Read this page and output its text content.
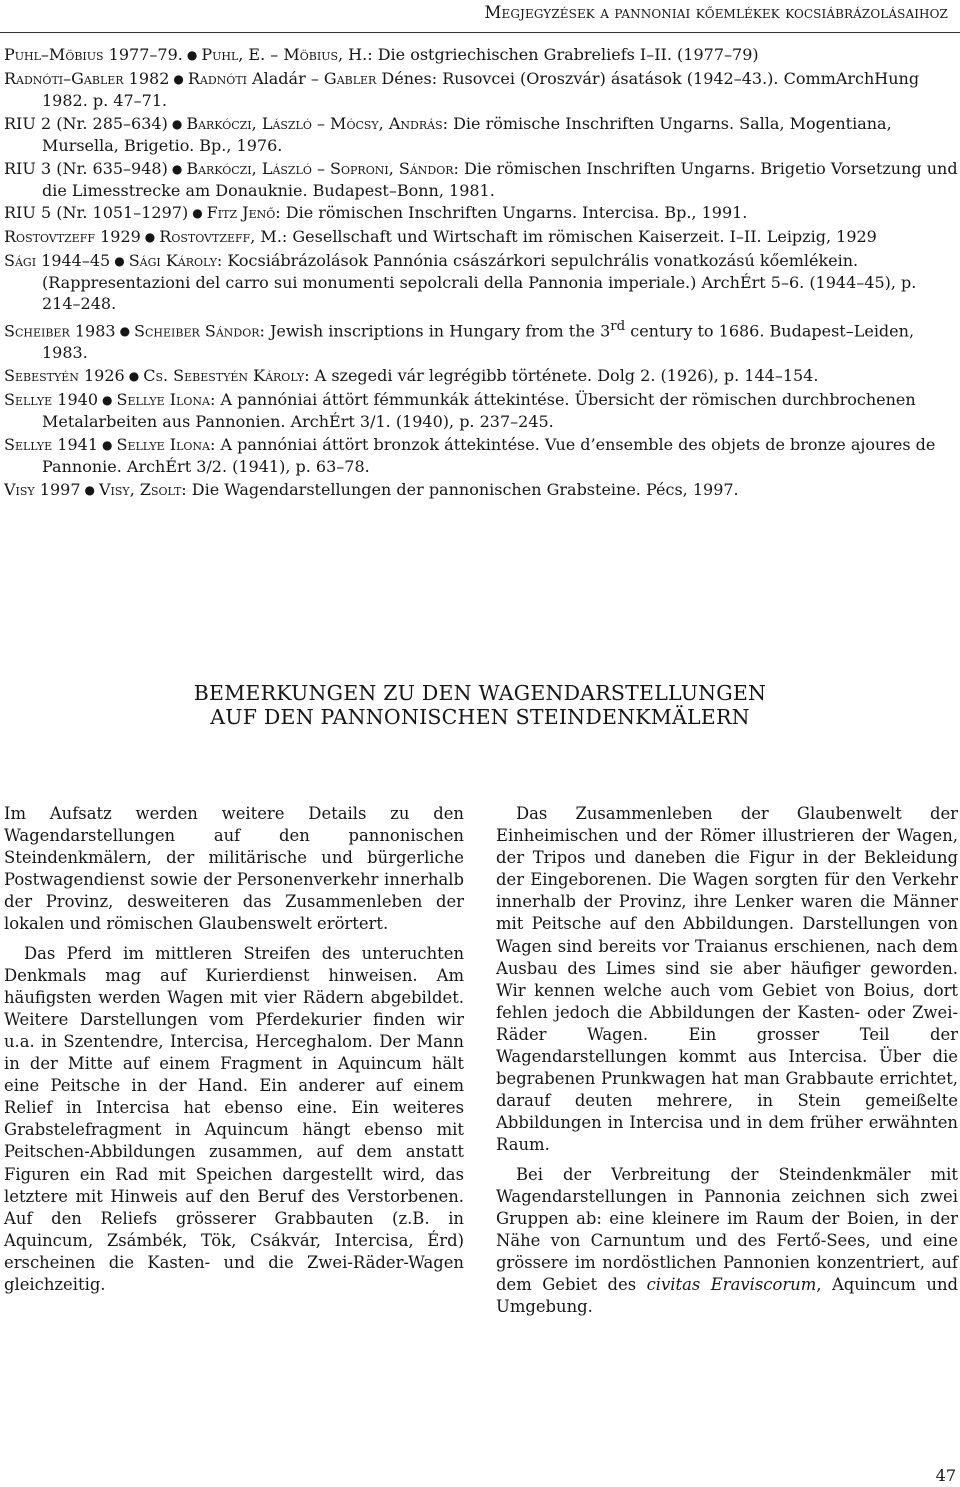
Megjegyzések a pannoniai kőemlékek kocsiábrázolásaihoz

Puhl–Möbius 1977–79. ● Puhl, E. – Möbius, H.: Die ostgriechischen Grabreliefs I–II. (1977–79)

Radnóti–Gabler 1982 ● Radnóti Aladár – Gabler Dénes: Rusovcei (Oroszvár) ásatások (1942–43.). CommArchHung 1982. p. 47–71.

RIU 2 (Nr. 285–634) ● Barkóczi, László – Mócsy, András: Die römische Inschriften Ungarns. Salla, Mogentiana, Mursella, Brigetio. Bp., 1976.

RIU 3 (Nr. 635–948) ● Barkóczi, László – Soproni, Sándor: Die römischen Inschriften Ungarns. Brigetio Vorsetzung und die Limesstrecke am Donauknie. Budapest–Bonn, 1981.

RIU 5 (Nr. 1051–1297) ● Fitz Jenő: Die römischen Inschriften Ungarns. Intercisa. Bp., 1991.

Rostovtzeff 1929 ● Rostovtzeff, M.: Gesellschaft und Wirtschaft im römischen Kaiserzeit. I–II. Leipzig, 1929

Sági 1944–45 ● Sági Károly: Kocsiábrázolások Pannónia császárkori sepulchrális vonatkozású kőemlékein. (Rappresentazioni del carro sui monumenti sepolcrali della Pannonia imperiale.) ArchÉrt 5–6. (1944–45), p. 214–248.

Scheiber 1983 ● Scheiber Sándor: Jewish inscriptions in Hungary from the 3rd century to 1686. Budapest–Leiden, 1983.

Sebestyén 1926 ● Cs. Sebestyén Károly: A szegedi vár legrégibb története. Dolg 2. (1926), p. 144–154.

Sellye 1940 ● Sellye Ilona: A pannóniai áttört fémmunkák áttekintése. Übersicht der römischen durchbrochenen Metalarbeiten aus Pannonien. ArchÉrt 3/1. (1940), p. 237–245.

Sellye 1941 ● Sellye Ilona: A pannóniai áttört bronzok áttekintése. Vue d’ensemble des objets de bronze ajoures de Pannonie. ArchÉrt 3/2. (1941), p. 63–78.

Visy 1997 ● Visy, Zsolt: Die Wagendarstellungen der pannonischen Grabsteine. Pécs, 1997.

BEMERKUNGEN ZU DEN WAGENDARSTELLUNGEN
AUF DEN PANNONISCHEN STEINDENKMÄLERN

Im Aufsatz werden weitere Details zu den Wagendarstellungen auf den pannonischen Steindenkmälern, der militärische und bürgerliche Postwagendienst sowie der Personenverkehr innerhalb der Provinz, desweiteren das Zusammenleben der lokalen und römischen Glaubenswelt erörtert.

Das Pferd im mittleren Streifen des unteruchten Denkmals mag auf Kurierdienst hinweisen. Am häufigsten werden Wagen mit vier Rädern abgebildet. Weitere Darstellungen vom Pferdekurier finden wir u.a. in Szentendre, Intercisa, Herceghalom. Der Mann in der Mitte auf einem Fragment in Aquincum hält eine Peitsche in der Hand. Ein anderer auf einem Relief in Intercisa hat ebenso eine. Ein weiteres Grabstelefragment in Aquincum hängt ebenso mit Peitschen-Abbildungen zusammen, auf dem anstatt Figuren ein Rad mit Speichen dargestellt wird, das letztere mit Hinweis auf den Beruf des Verstorbenen. Auf den Reliefs grösserer Grabbauten (z.B. in Aquincum, Zsámbék, Tök, Csákvár, Intercisa, Érd) erscheinen die Kasten- und die Zwei-Räder-Wagen gleichzeitig.

Das Zusammenleben der Glaubenwelt der Einheimischen und der Römer illustrieren der Wagen, der Tripos und daneben die Figur in der Bekleidung der Eingeborenen. Die Wagen sorgten für den Verkehr innerhalb der Provinz, ihre Lenker waren die Männer mit Peitsche auf den Abbildungen. Darstellungen von Wagen sind bereits vor Traianus erschienen, nach dem Ausbau des Limes sind sie aber häufiger geworden. Wir kennen welche auch vom Gebiet von Boius, dort fehlen jedoch die Abbildungen der Kasten- oder Zwei-Räder Wagen. Ein grosser Teil der Wagendarstellungen kommt aus Intercisa. Über die begrabenen Prunkwagen hat man Grabbaute errichtet, darauf deuten mehrere, in Stein gemeißelte Abbildungen in Intercisa und in dem früher erwähnten Raum.

Bei der Verbreitung der Steindenkmäler mit Wagendarstellungen in Pannonia zeichnen sich zwei Gruppen ab: eine kleinere im Raum der Boien, in der Nähe von Carnuntum und des Fertő-Sees, und eine grössere im nordöstlichen Pannonien konzentriert, auf dem Gebiet des civitas Eraviscorum, Aquincum und Umgebung.

47
